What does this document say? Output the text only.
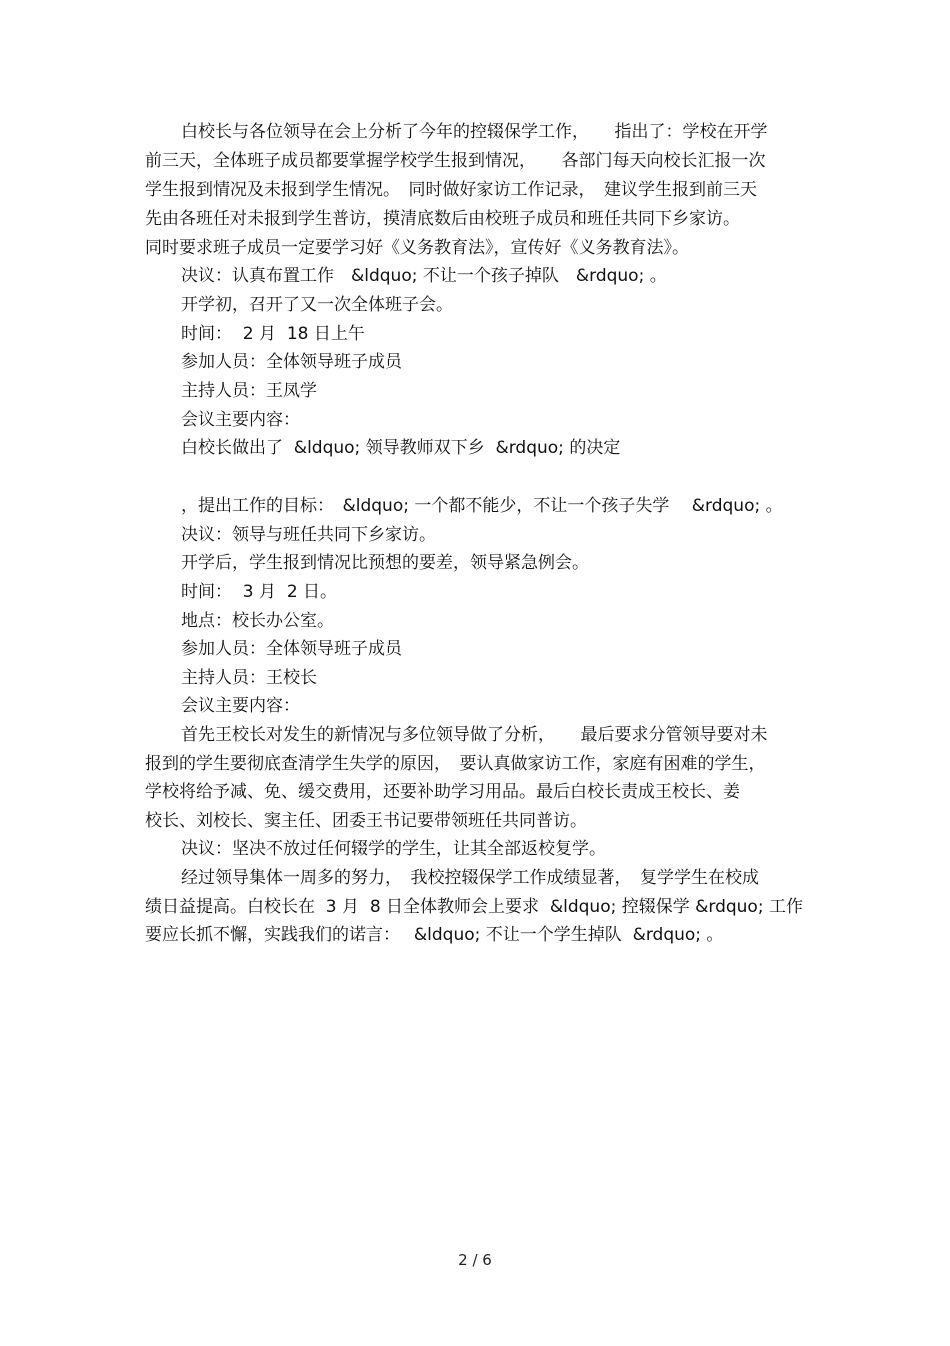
白校长与各位领导在会上分析了今年的控辍保学工作，　　指出了：学校在开学
前三天，全体班子成员都要掌握学校学生报到情况，　　各部门每天向校长汇报一次
学生报到情况及未报到学生情况。　同时做好家访工作记录，　建议学生报到前三天
先由各班任对未报到学生普访，摸清底数后由校班子成员和班任共同下乡家访。
同时要求班子成员一定要学习好《义务教育法》，宣传好《义务教育法》。
决议：认真布置工作　&ldquo; 不让一个孩子掉队　&rdquo; 。
开学初，召开了又一次全体班子会。
时间：  2 月  18 日上午
参加人员：全体领导班子成员
主持人员：王凤学
会议主要内容：
白校长做出了  &ldquo; 领导教师双下乡  &rdquo; 的决定
，提出工作的目标：　&ldquo; 一个都不能少，不让一个孩子失学　 &rdquo; 。
决议：领导与班任共同下乡家访。
开学后，学生报到情况比预想的要差，领导紧急例会。
时间：  3 月  2 日。
地点：校长办公室。
参加人员：全体领导班子成员
主持人员：王校长
会议主要内容：
首先王校长对发生的新情况与多位领导做了分析，　　最后要求分管领导要对未
报到的学生要彻底查清学生失学的原因，　要认真做家访工作，家庭有困难的学生，
学校将给予减、免、缓交费用，还要补助学习用品。最后白校长责成王校长、姜
校长、刘校长、窦主任、团委王书记要带领班任共同普访。
决议：坚决不放过任何辍学的学生，让其全部返校复学。
经过领导集体一周多的努力，　我校控辍保学工作成绩显著，　复学学生在校成
绩日益提高。白校长在  3 月  8 日全体教师会上要求  &ldquo; 控辍保学 &rdquo; 工作
要应长抓不懈，实践我们的诺言：　 &ldquo; 不让一个学生掉队  &rdquo; 。
2 / 6
